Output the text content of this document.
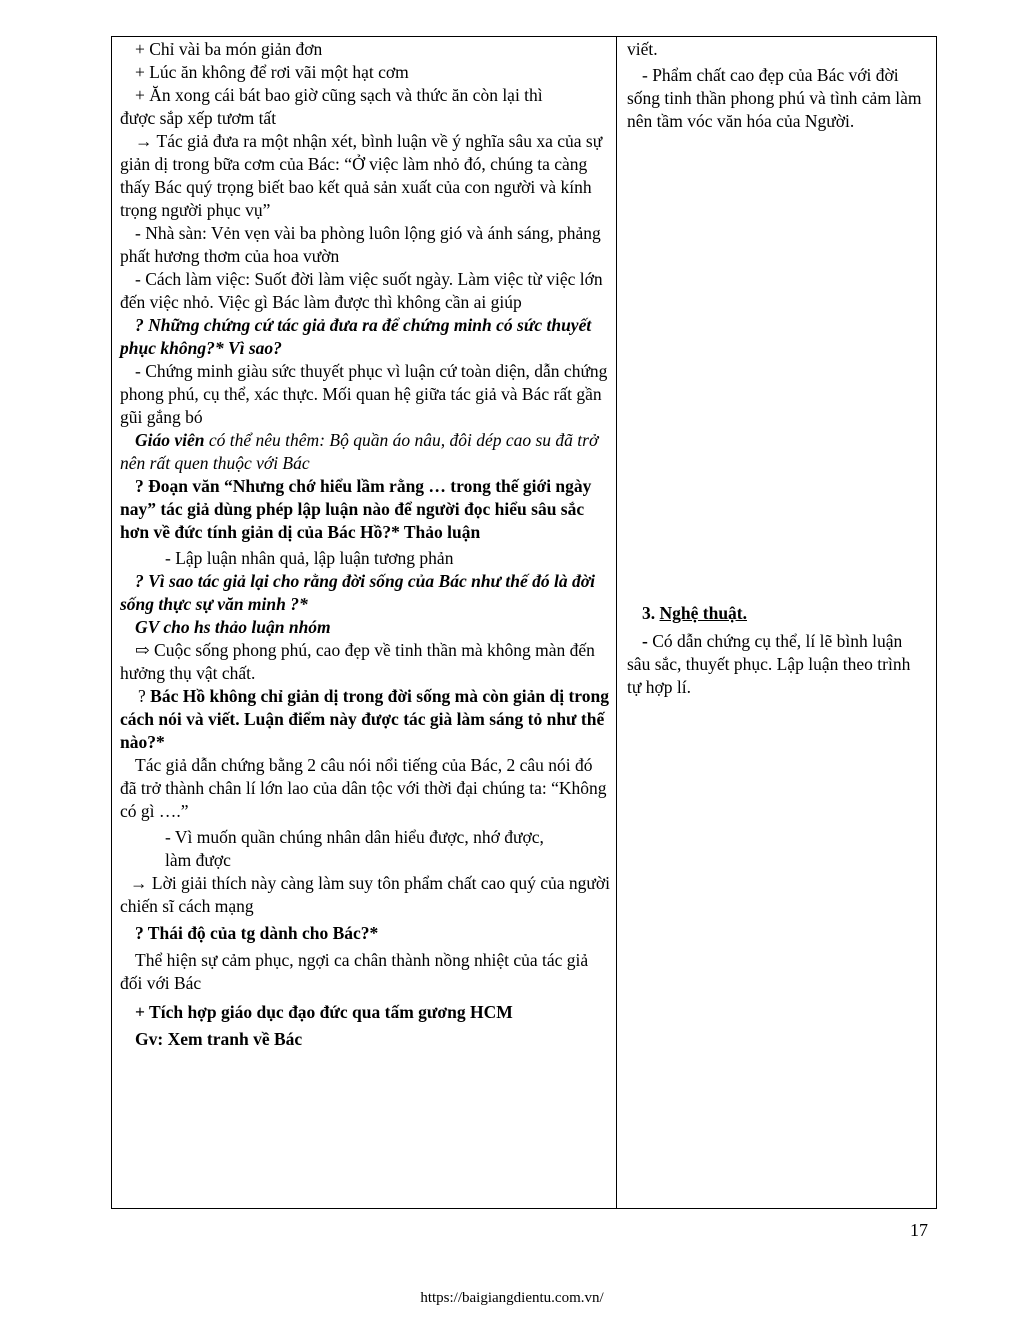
+ Chỉ vài ba món giản đơn

+ Lúc ăn không để rơi vãi một hạt cơm

+ Ăn xong cái bát bao giờ cũng sạch và thức ăn còn lại thì

được sắp xếp tươm tất

→ Tác giả đưa ra một nhận xét, bình luận về ý nghĩa sâu xa của sự giản dị trong bữa cơm của Bác: “Ở việc làm nhỏ đó, chúng ta càng thấy Bác quý trọng biết bao kết quả sản xuất của con người và kính trọng người phục vụ”

- Nhà sàn: Vẻn vẹn vài ba phòng luôn lộng gió và ánh sáng, phảng phất hương thơm của hoa vườn

- Cách làm việc: Suốt đời làm việc suốt ngày. Làm việc từ việc lớn đến việc nhỏ. Việc gì Bác làm được thì không cần ai giúp

? Những chứng cứ tác giả đưa ra để chứng minh có sức thuyết phục không?* Vì sao?

- Chứng minh giàu sức thuyết phục vì luận cứ toàn diện, dẫn chứng phong phú, cụ thể, xác thực. Mối quan hệ giữa tác giả và Bác rất gần gũi gắng bó

Giáo viên có thể nêu thêm: Bộ quần áo nâu, đôi dép cao su đã trở nên rất quen thuộc với Bác

? Đoạn văn “Nhưng chớ hiểu lầm rằng … trong thế giới ngày nay” tác giả dùng phép lập luận nào để người đọc hiểu sâu sắc hơn về đức tính giản dị của Bác Hồ?* Thảo luận

- Lập luận nhân quả, lập luận tương phản

? Vì sao tác giả lại cho rằng đời sống của Bác như thế đó là đời sống thực sự văn minh ?*

GV cho hs thảo luận nhóm

⇨ Cuộc sống phong phú, cao đẹp về tinh thần mà không màn đến hưởng thụ vật chất.

? Bác Hồ không chỉ giản dị trong đời sống mà còn giản dị trong cách nói và viết. Luận điểm này được tác già làm sáng tỏ như thế nào?*

Tác giả dẫn chứng bằng 2 câu nói nổi tiếng của Bác, 2 câu nói đó đã trở thành chân lí lớn lao của dân tộc với thời đại chúng ta: “Không có gì ….”

- Vì muốn quần chúng nhân dân hiểu được, nhớ được,

làm được

→ Lời giải thích này càng làm suy tôn phẩm chất cao quý của người chiến sĩ cách mạng

? Thái độ của tg dành cho Bác?*

Thể hiện sự cảm phục, ngợi ca chân thành nồng nhiệt của tác giả đối với Bác

+ Tích hợp giáo dục đạo đức qua tấm gương HCM

Gv: Xem tranh về Bác

viết.

- Phẩm chất cao đẹp của Bác với đời sống tinh thần phong phú và tình cảm làm nên tầm vóc văn hóa của Người.

3. Nghệ thuật.

- Có dẫn chứng cụ thể, lí lẽ bình luận sâu sắc, thuyết phục. Lập luận theo trình tự hợp lí.

17
https://baigiangdientu.com.vn/
